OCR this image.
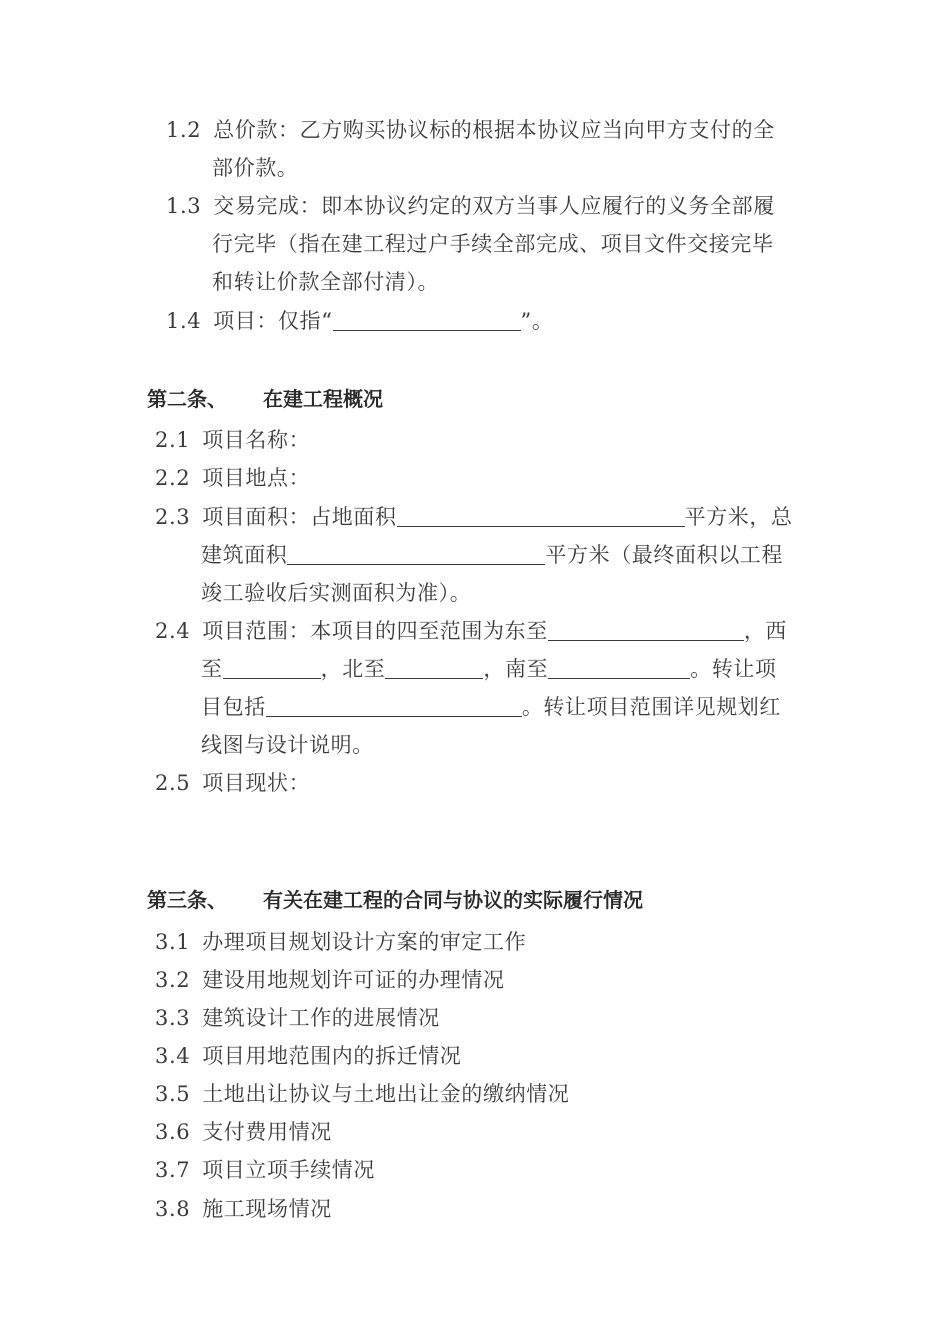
1.2 总价款：乙方购买协议标的根据本协议应当向甲方支付的全
部价款。
1.3 交易完成：即本协议约定的双方当事人应履行的义务全部履
行完毕（指在建工程过户手续全部完成、项目文件交接完毕
和转让价款全部付清）。
1.4 项目：仅指“	”。
第二条、 在建工程概况
2.1 项目名称：
2.2 项目地点：
2.3 项目面积：占地面积	平方米，总
建筑面积	平方米（最终面积以工程
竣工验收后实测面积为准）。
2.4 项目范围：本项目的四至范围为东至	，西
至	，北至	，南至	。转让项
目包括	。转让项目范围详见规划红
线图与设计说明。
2.5 项目现状：
第三条、 有关在建工程的合同与协议的实际履行情况
3.1 办理项目规划设计方案的审定工作
3.2 建设用地规划许可证的办理情况
3.3 建筑设计工作的进展情况
3.4 项目用地范围内的拆迁情况
3.5 土地出让协议与土地出让金的缴纳情况
3.6 支付费用情况
3.7 项目立项手续情况
3.8 施工现场情况
